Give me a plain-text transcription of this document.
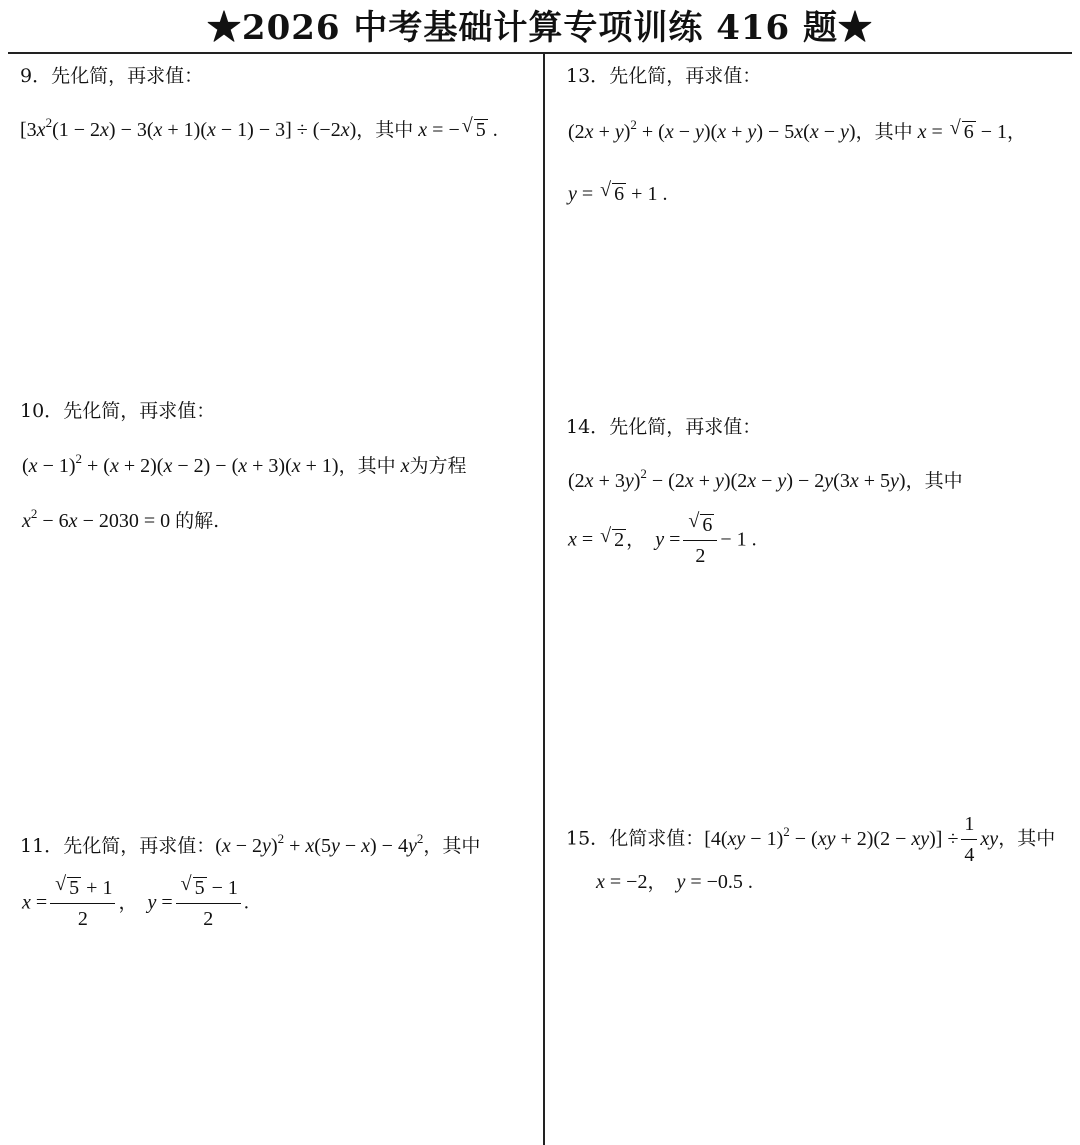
★2026 中考基础计算专项训练 416 题★
9．先化简，再求值：
$[3x^2(1 - 2x) - 3(x + 1)(x - 1) - 3] \div (-2x)$，其中 x = − √ 5 .
10．先化简，再求值：
$(x - 1)^2 + (x + 2)(x - 2) - (x + 3)(x + 1)$，其中 x为方程
$x^2 - 6x - 2030 = 0$ 的解.
11．先化简，再求值：$(x - 2y)^2 + x(5y - x) - 4y^2$，其中
$x = \frac{√ 5 + 1}{2}$ ， $y = \frac{√ 5 - 1}{2}$ .
13．先化简，再求值：
$(2x + y)^2 + (x - y)(x + y) - 5x(x - y)$，其中 x = √ 6 − 1，
y = √ 6 + 1 .
14．先化简，再求值：
$(2x + 3y)^2 - (2x + y)(2x - y) - 2y(3x + 5y)$，其中
x = √ 2 ， $y = \frac{√ 6}{2} - 1$ .
15．化简求值：$[4(xy - 1)^2 - (xy + 2)(2 - xy)] \div \frac{1}{4}$ xy，其中
x = −2， y = −0.5 .
